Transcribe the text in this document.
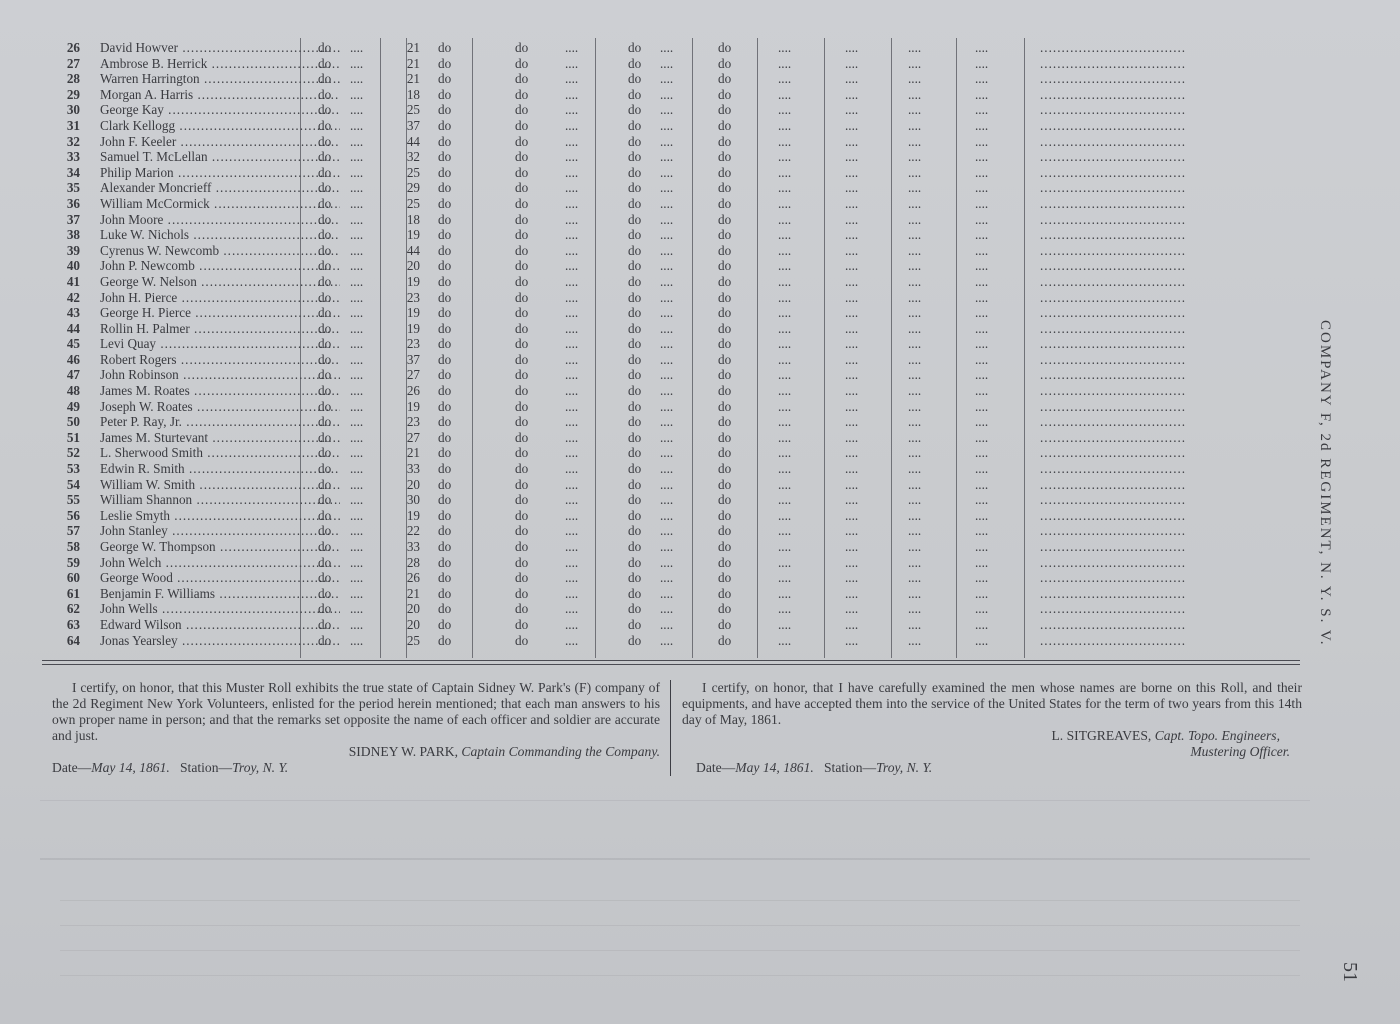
26 David Howver .....	do ....	21 do	do	....	do ....	do	....	....	....	....	..................................
27 Ambrose B. Herrick .....	do ....	21 do	do	....	do ....	do	....	....	....	....	..................................
28 Warren Harrington .....	do ....	21 do	do	....	do ....	do	....	....	....	....	..................................
29 Morgan A. Harris .....	do ....	18 do	do	....	do ....	do	....	....	....	....	..................................
30 George Kay .....	do ....	25 do	do	....	do ....	do	....	....	....	....	..................................
31 Clark Kellogg .....	do ....	37 do	do	....	do ....	do	....	....	....	....	..................................
32 John F. Keeler .....	do ....	44 do	do	....	do ....	do	....	....	....	....	..................................
33 Samuel T. McLellan .....	do ....	32 do	do	....	do ....	do	....	....	....	....	..................................
34 Philip Marion .....	do ....	25 do	do	....	do ....	do	....	....	....	....	..................................
35 Alexander Moncrieff .....	do ....	29 do	do	....	do ....	do	....	....	....	....	..................................
36 William McCormick .....	do ....	25 do	do	....	do ....	do	....	....	....	....	..................................
37 John Moore .....	do ....	18 do	do	....	do ....	do	....	....	....	....	..................................
38 Luke W. Nichols .....	do ....	19 do	do	....	do ....	do	....	....	....	....	..................................
39 Cyrenus W. Newcomb .....	do ....	44 do	do	....	do ....	do	....	....	....	....	..................................
40 John P. Newcomb .....	do ....	20 do	do	....	do ....	do	....	....	....	....	..................................
41 George W. Nelson .....	do ....	19 do	do	....	do ....	do	....	....	....	....	..................................
42 John H. Pierce .....	do ....	23 do	do	....	do ....	do	....	....	....	....	..................................
43 George H. Pierce .....	do ....	19 do	do	....	do ....	do	....	....	....	....	..................................
44 Rollin H. Palmer .....	do ....	19 do	do	....	do ....	do	....	....	....	....	..................................
45 Levi Quay .....	do ....	23 do	do	....	do ....	do	....	....	....	....	..................................
46 Robert Rogers .....	do ....	37 do	do	....	do ....	do	....	....	....	....	..................................
47 John Robinson .....	do ....	27 do	do	....	do ....	do	....	....	....	....	..................................
48 James M. Roates .....	do ....	26 do	do	....	do ....	do	....	....	....	....	..................................
49 Joseph W. Roates .....	do ....	19 do	do	....	do ....	do	....	....	....	....	..................................
50 Peter P. Ray, Jr. .....	do ....	23 do	do	....	do ....	do	....	....	....	....	..................................
51 James M. Sturtevant .....	do ....	27 do	do	....	do ....	do	....	....	....	....	..................................
52 L. Sherwood Smith .....	do ....	21 do	do	....	do ....	do	....	....	....	....	..................................
53 Edwin R. Smith .....	do ....	33 do	do	....	do ....	do	....	....	....	....	..................................
54 William W. Smith .....	do ....	20 do	do	....	do ....	do	....	....	....	....	..................................
55 William Shannon .....	do ....	30 do	do	....	do ....	do	....	....	....	....	..................................
56 Leslie Smyth .....	do ....	19 do	do	....	do ....	do	....	....	....	....	..................................
57 John Stanley .....	do ....	22 do	do	....	do ....	do	....	....	....	....	..................................
58 George W. Thompson .....	do ....	33 do	do	....	do ....	do	....	....	....	....	..................................
59 John Welch .....	do ....	28 do	do	....	do ....	do	....	....	....	....	..................................
60 George Wood .....	do ....	26 do	do	....	do ....	do	....	....	....	....	..................................
61 Benjamin F. Williams .....	do ....	21 do	do	....	do ....	do	....	....	....	....	..................................
62 John Wells .....	do ....	20 do	do	....	do ....	do	....	....	....	....	..................................
63 Edward Wilson .....	do ....	20 do	do	....	do ....	do	....	....	....	....	..................................
64 Jonas Yearsley .....	do ....	25 do	do	....	do ....	do	....	....	....	....	..................................
I certify, on honor, that this Muster Roll exhibits the true state of Captain Sidney W. Park's (F) company of the 2d Regiment New York Volunteers, enlisted for the period herein mentioned; that each man answers to his own proper name in person; and that the remarks set opposite the name of each officer and soldier are accurate and just.
SIDNEY W. PARK, Captain Commanding the Company.
Date—May 14, 1861. Station—Troy, N. Y.
I certify, on honor, that I have carefully examined the men whose names are borne on this Roll, and their equipments, and have accepted them into the service of the United States for the term of two years from this 14th day of May, 1861.
L. SITGREAVES, Capt. Topo. Engineers,
Mustering Officer.
Date—May 14, 1861. Station—Troy, N. Y.
COMPANY F, 2d REGIMENT, N. Y. S. V.
51
